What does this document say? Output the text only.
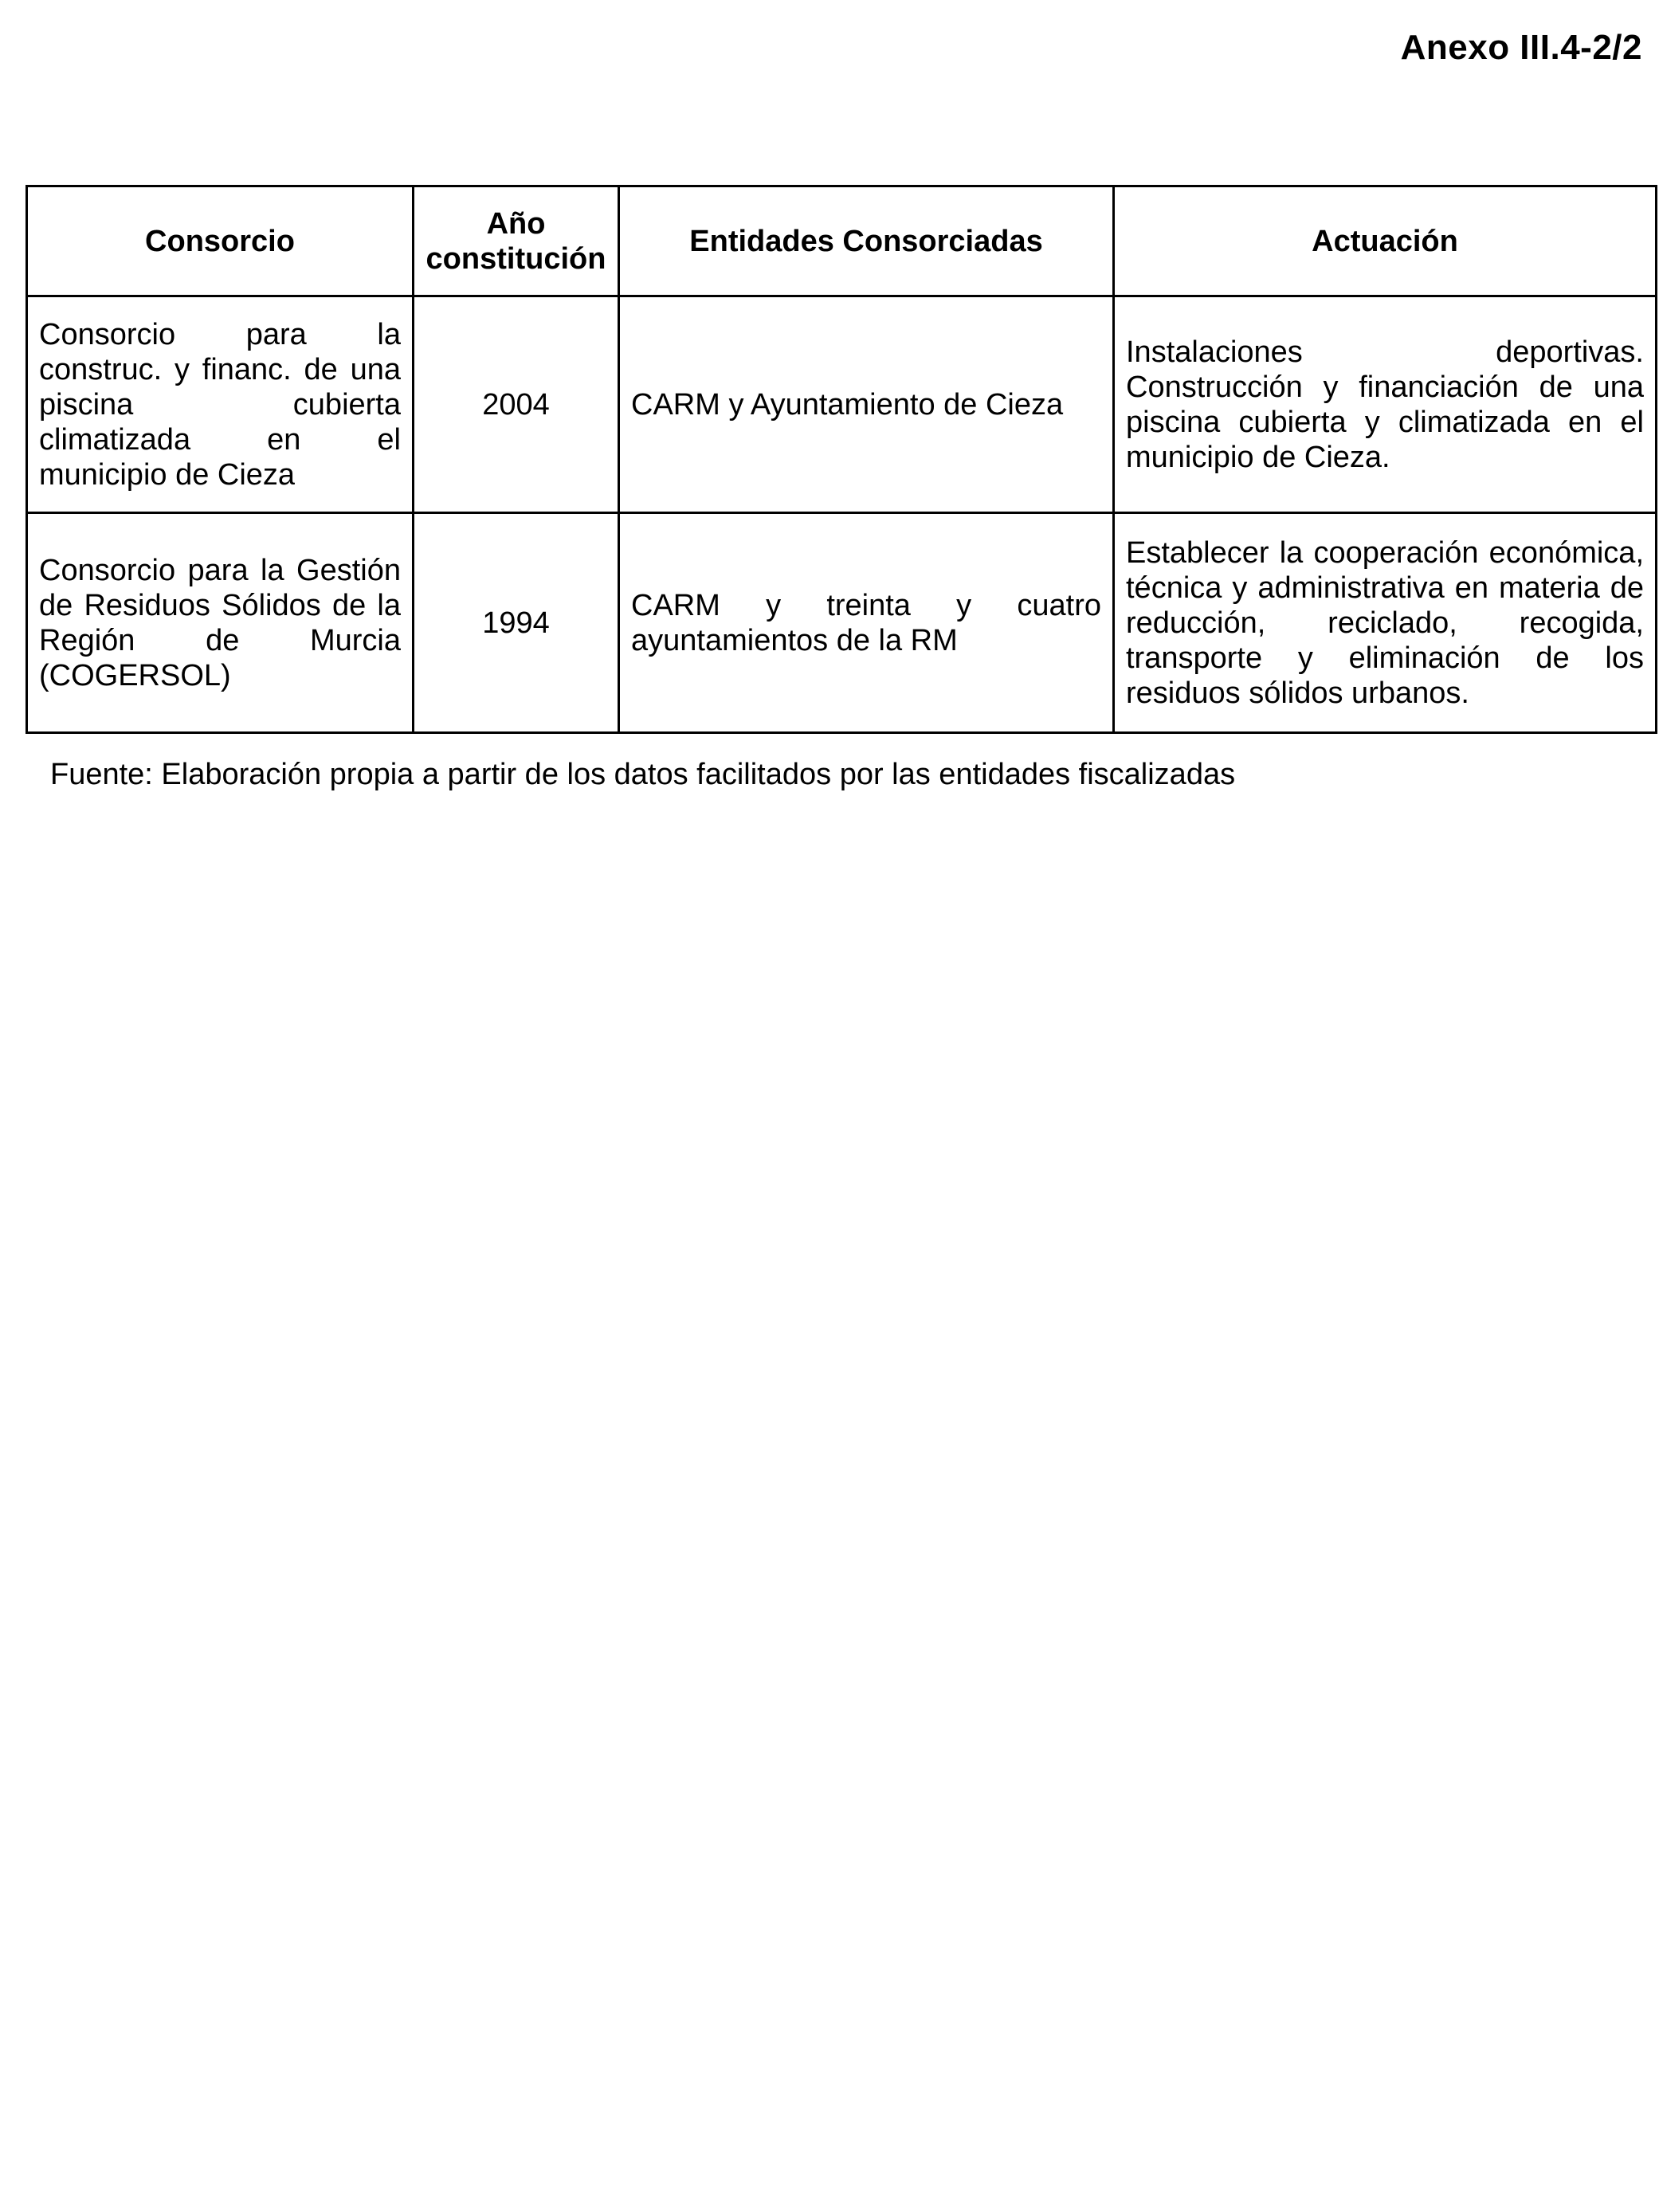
Anexo III.4-2/2
Consorcio	Año constitución	Entidades Consorciadas	Actuación
Consorcio para la construc. y financ. de una piscina cubierta climatizada en el municipio de Cieza	2004	CARM y Ayuntamiento de Cieza	Instalaciones deportivas. Construcción y financiación de una piscina cubierta y climatizada en el municipio de Cieza.
Consorcio para la Gestión de Residuos Sólidos de la Región de Murcia (COGERSOL)	1994	CARM y treinta y cuatro ayuntamientos de la RM	Establecer la cooperación económica, técnica y administrativa en materia de reducción, reciclado, recogida, transporte y eliminación de los residuos sólidos urbanos.
Fuente: Elaboración propia a partir de los datos facilitados por las entidades fiscalizadas
